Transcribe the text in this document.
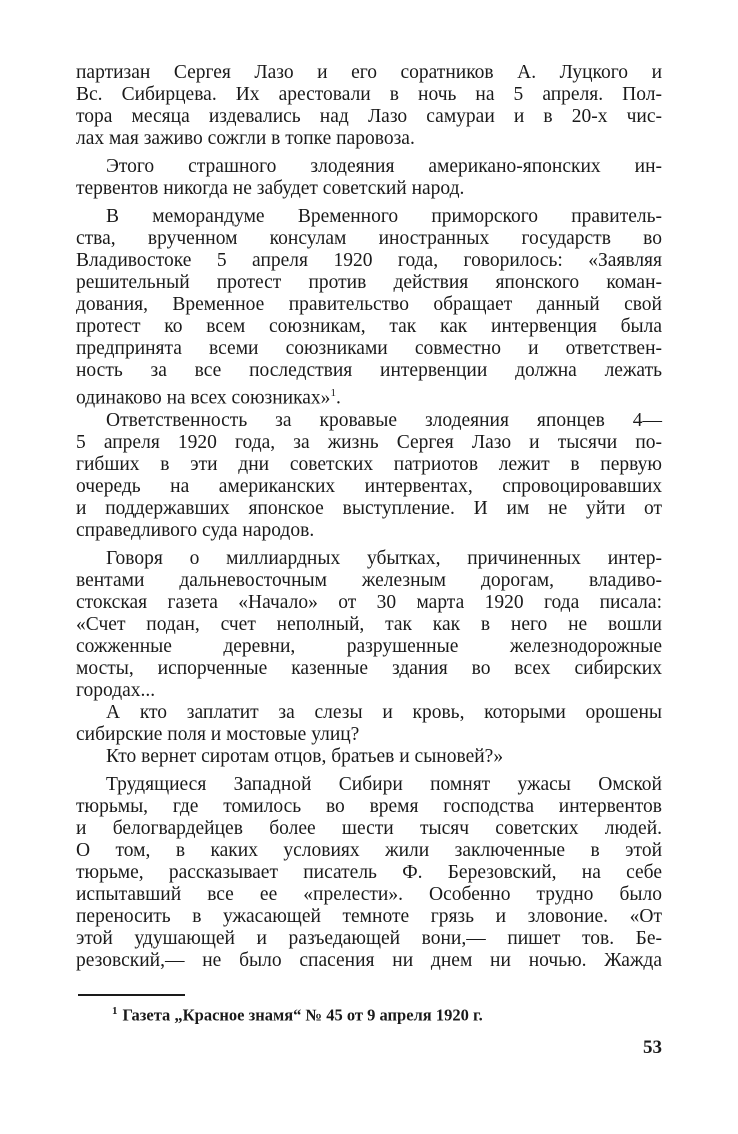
партизан Сергея Лазо и его соратников А. Луцкого и
Вс. Сибирцева. Их арестовали в ночь на 5 апреля. Пол-
тора месяца издевались над Лазо самураи и в 20-х чис-
лах мая заживо сожгли в топке паровоза.
Этого страшного злодеяния американо-японских ин-
тервентов никогда не забудет советский народ.
В меморандуме Временного приморского правитель-
ства, врученном консулам иностранных государств во
Владивостоке 5 апреля 1920 года, говорилось: «Заявляя
решительный протест против действия японского коман-
дования, Временное правительство обращает данный свой
протест ко всем союзникам, так как интервенция была
предпринята всеми союзниками совместно и ответствен-
ность за все последствия интервенции должна лежать
одинаково на всех союзниках»$^1$.
Ответственность за кровавые злодеяния японцев 4—
5 апреля 1920 года, за жизнь Сергея Лазо и тысячи по-
гибших в эти дни советских патриотов лежит в первую
очередь на американских интервентах, спровоцировавших
и поддержавших японское выступление. И им не уйти от
справедливого суда народов.
Говоря о миллиардных убытках, причиненных интер-
вентами дальневосточным железным дорогам, владиво-
стокская газета «Начало» от 30 марта 1920 года писала:
«Счет подан, счет неполный, так как в него не вошли
сожженные деревни, разрушенные железнодорожные
мосты, испорченные казенные здания во всех сибирских
городах...
А кто заплатит за слезы и кровь, которыми орошены
сибирские поля и мостовые улиц?
Кто вернет сиротам отцов, братьев и сыновей?»
Трудящиеся Западной Сибири помнят ужасы Омской
тюрьмы, где томилось во время господства интервентов
и белогвардейцев более шести тысяч советских людей.
О том, в каких условиях жили заключенные в этой
тюрьме, рассказывает писатель Ф. Березовский, на себе
испытавший все ее «прелести». Особенно трудно было
переносить в ужасающей темноте грязь и зловоние. «От
этой удушающей и разъедающей вони,— пишет тов. Бе-
резовский,— не было спасения ни днем ни ночью. Жажда
$^1$ Газета „Красное знамя“ № 45 от 9 апреля 1920 г.
53
